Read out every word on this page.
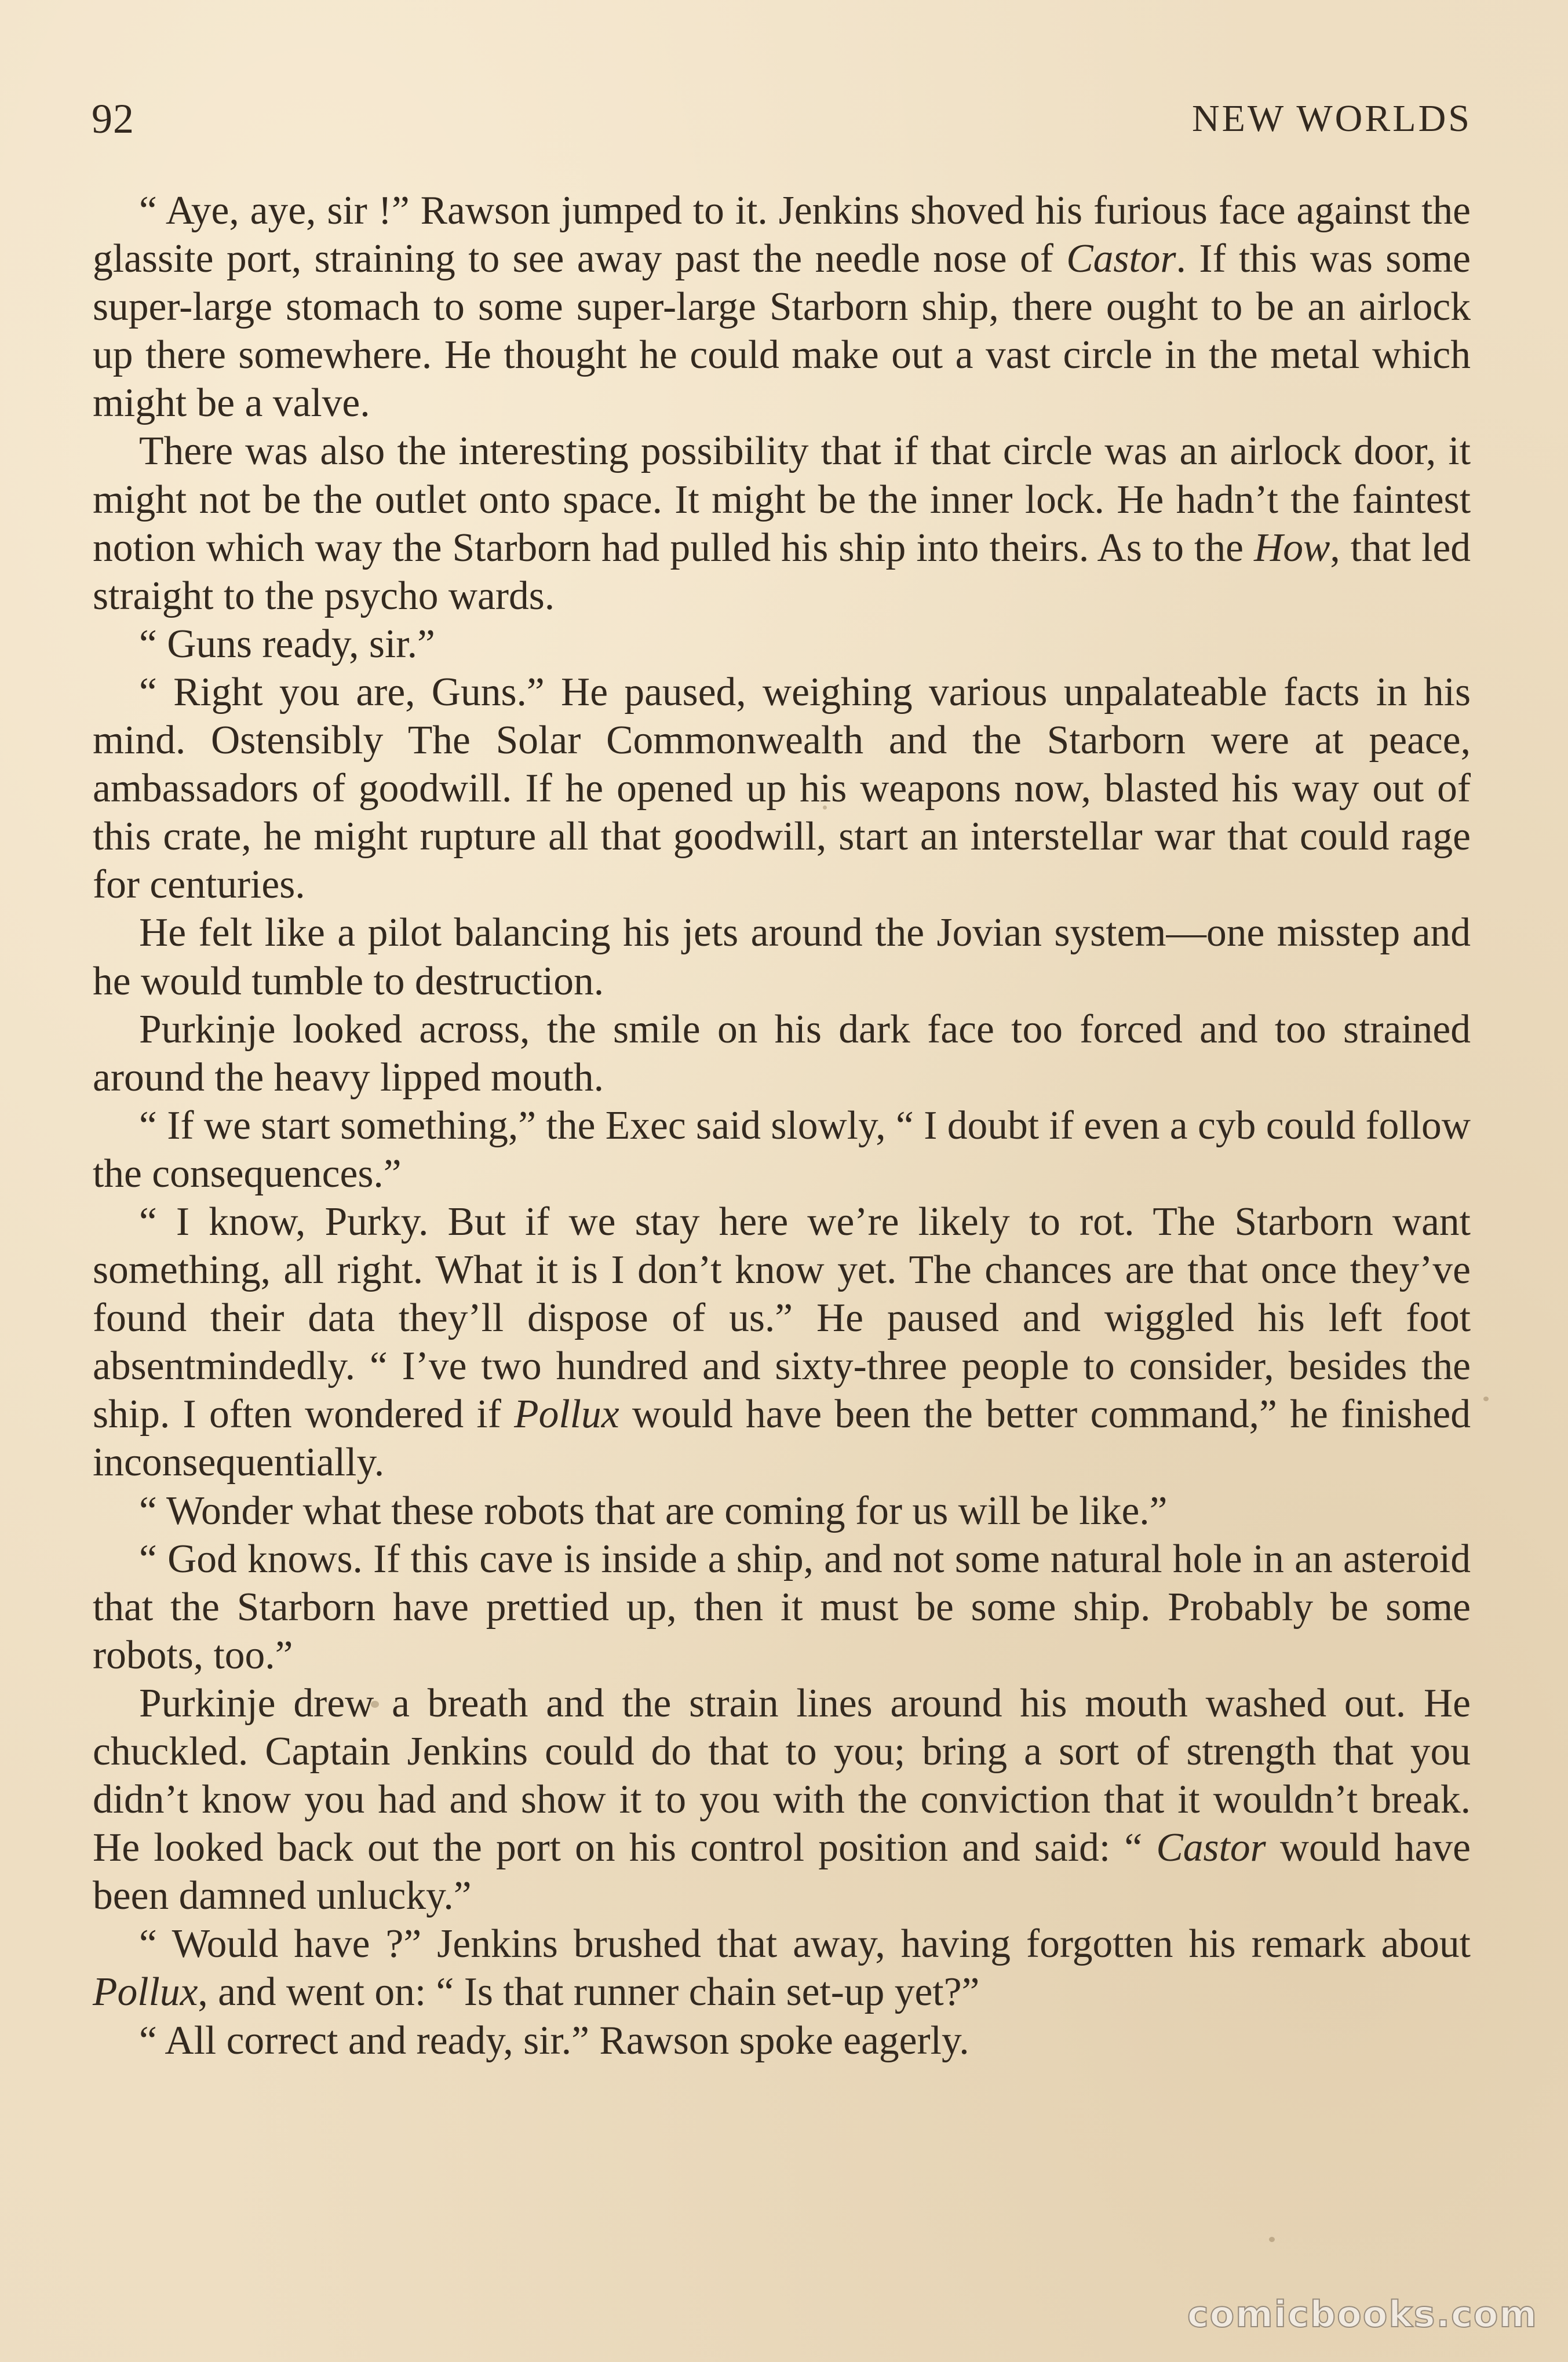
92	NEW WORLDS

“ Aye, aye, sir !” Rawson jumped to it. Jenkins shoved his furious face against the glassite port, straining to see away past the needle nose of Castor. If this was some super-large stomach to some super-large Starborn ship, there ought to be an airlock up there somewhere. He thought he could make out a vast circle in the metal which might be a valve.

There was also the interesting possibility that if that circle was an airlock door, it might not be the outlet onto space. It might be the inner lock. He hadn’t the faintest notion which way the Starborn had pulled his ship into theirs. As to the How, that led straight to the psycho wards.

“ Guns ready, sir.”

“ Right you are, Guns.” He paused, weighing various unpalateable facts in his mind. Ostensibly The Solar Commonwealth and the Starborn were at peace, ambassadors of goodwill. If he opened up his weapons now, blasted his way out of this crate, he might rupture all that goodwill, start an interstellar war that could rage for centuries.

He felt like a pilot balancing his jets around the Jovian system—one misstep and he would tumble to destruction.

Purkinje looked across, the smile on his dark face too forced and too strained around the heavy lipped mouth.

“ If we start something,” the Exec said slowly, “ I doubt if even a cyb could follow the consequences.”

“ I know, Purky. But if we stay here we’re likely to rot. The Starborn want something, all right. What it is I don’t know yet. The chances are that once they’ve found their data they’ll dispose of us.” He paused and wiggled his left foot absentmindedly. “ I’ve two hundred and sixty-three people to consider, besides the ship. I often wondered if Pollux would have been the better command,” he finished inconsequentially.

“ Wonder what these robots that are coming for us will be like.”

“ God knows. If this cave is inside a ship, and not some natural hole in an asteroid that the Starborn have prettied up, then it must be some ship. Probably be some robots, too.”

Purkinje drew a breath and the strain lines around his mouth washed out. He chuckled. Captain Jenkins could do that to you; bring a sort of strength that you didn’t know you had and show it to you with the conviction that it wouldn’t break. He looked back out the port on his control position and said: “ Castor would have been damned unlucky.”

“ Would have ?” Jenkins brushed that away, having forgotten his remark about Pollux, and went on: “ Is that runner chain set-up yet?”

“ All correct and ready, sir.” Rawson spoke eagerly.

comicbooks.com
